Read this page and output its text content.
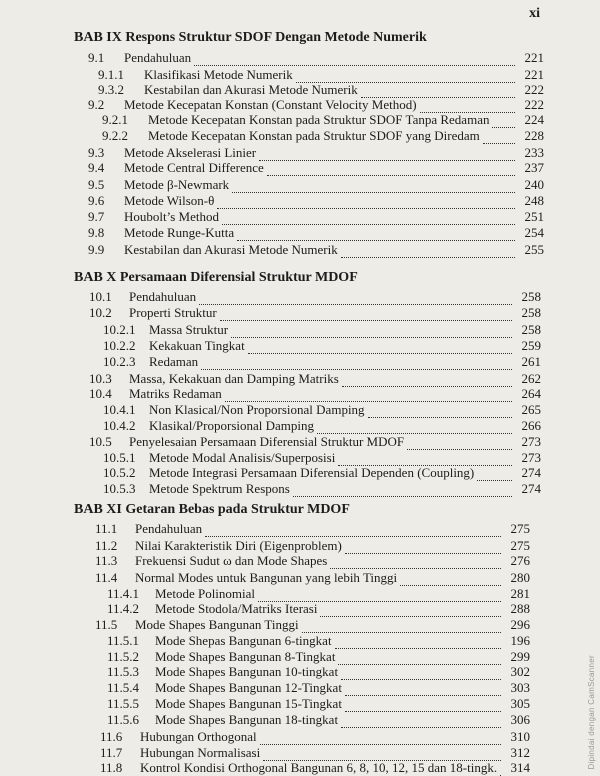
xi
BAB IX Respons Struktur SDOF Dengan Metode Numerik
9.1	Pendahuluan	221
9.1.1	Klasifikasi Metode Numerik	221
9.3.2	Kestabilan dan Akurasi Metode Numerik	222
9.2	Metode Kecepatan Konstan (Constant Velocity Method)	222
9.2.1	Metode Kecepatan Konstan pada Struktur SDOF Tanpa Redaman	224
9.2.2	Metode Kecepatan Konstan pada Struktur SDOF yang Diredam	228
9.3	Metode Akselerasi Linier	233
9.4	Metode Central Difference	237
9.5	Metode β-Newmark	240
9.6	Metode Wilson-θ	248
9.7	Houbolt’s Method	251
9.8	Metode Runge-Kutta	254
9.9	Kestabilan dan Akurasi Metode Numerik	255
BAB X Persamaan Diferensial Struktur MDOF
10.1	Pendahuluan	258
10.2	Properti Struktur	258
10.2.1	Massa Struktur	258
10.2.2	Kekakuan Tingkat	259
10.2.3	Redaman	261
10.3	Massa, Kekakuan dan Damping Matriks	262
10.4	Matriks Redaman	264
10.4.1	Non Klasical/Non Proporsional Damping	265
10.4.2	Klasikal/Proporsional Damping	266
10.5	Penyelesaian Persamaan Diferensial Struktur MDOF	273
10.5.1	Metode Modal Analisis/Superposisi	273
10.5.2	Metode Integrasi Persamaan Diferensial Dependen (Coupling)	274
10.5.3	Metode Spektrum Respons	274
BAB XI Getaran Bebas pada Struktur MDOF
11.1	Pendahuluan	275
11.2	Nilai Karakteristik Diri (Eigenproblem)	275
11.3	Frekuensi Sudut ω dan Mode Shapes	276
11.4	Normal Modes untuk Bangunan yang lebih Tinggi	280
11.4.1	Metode Polinomial	281
11.4.2	Metode Stodola/Matriks Iterasi	288
11.5	Mode Shapes Bangunan Tinggi	296
11.5.1	Mode Shepas Bangunan 6-tingkat	196
11.5.2	Mode Shapes Bangunan 8-Tingkat	299
11.5.3	Mode Shapes Bangunan 10-tingkat	302
11.5.4	Mode Shapes Bangunan 12-Tingkat	303
11.5.5	Mode Shapes Bangunan 15-Tingkat	305
11.5.6	Mode Shapes Bangunan 18-tingkat	306
11.6	Hubungan Orthogonal	310
11.7	Hubungan Normalisasi	312
11.8	Kontrol Kondisi Orthogonal Bangunan 6, 8, 10, 12, 15 dan 18-tingk.	314	Dipindai dengan CamScanner
